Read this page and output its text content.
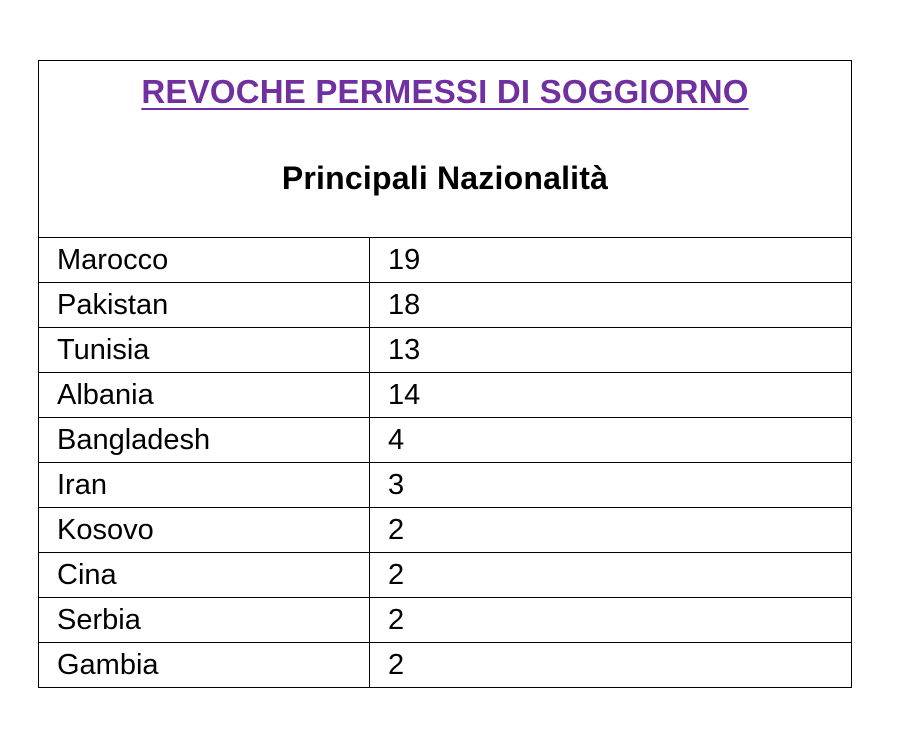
REVOCHE PERMESSI DI SOGGIORNO
Principali Nazionalità	

Marocco	19
Pakistan	18
Tunisia	13
Albania	14
Bangladesh	4
Iran	3
Kosovo	2
Cina	2
Serbia	2
Gambia	2
